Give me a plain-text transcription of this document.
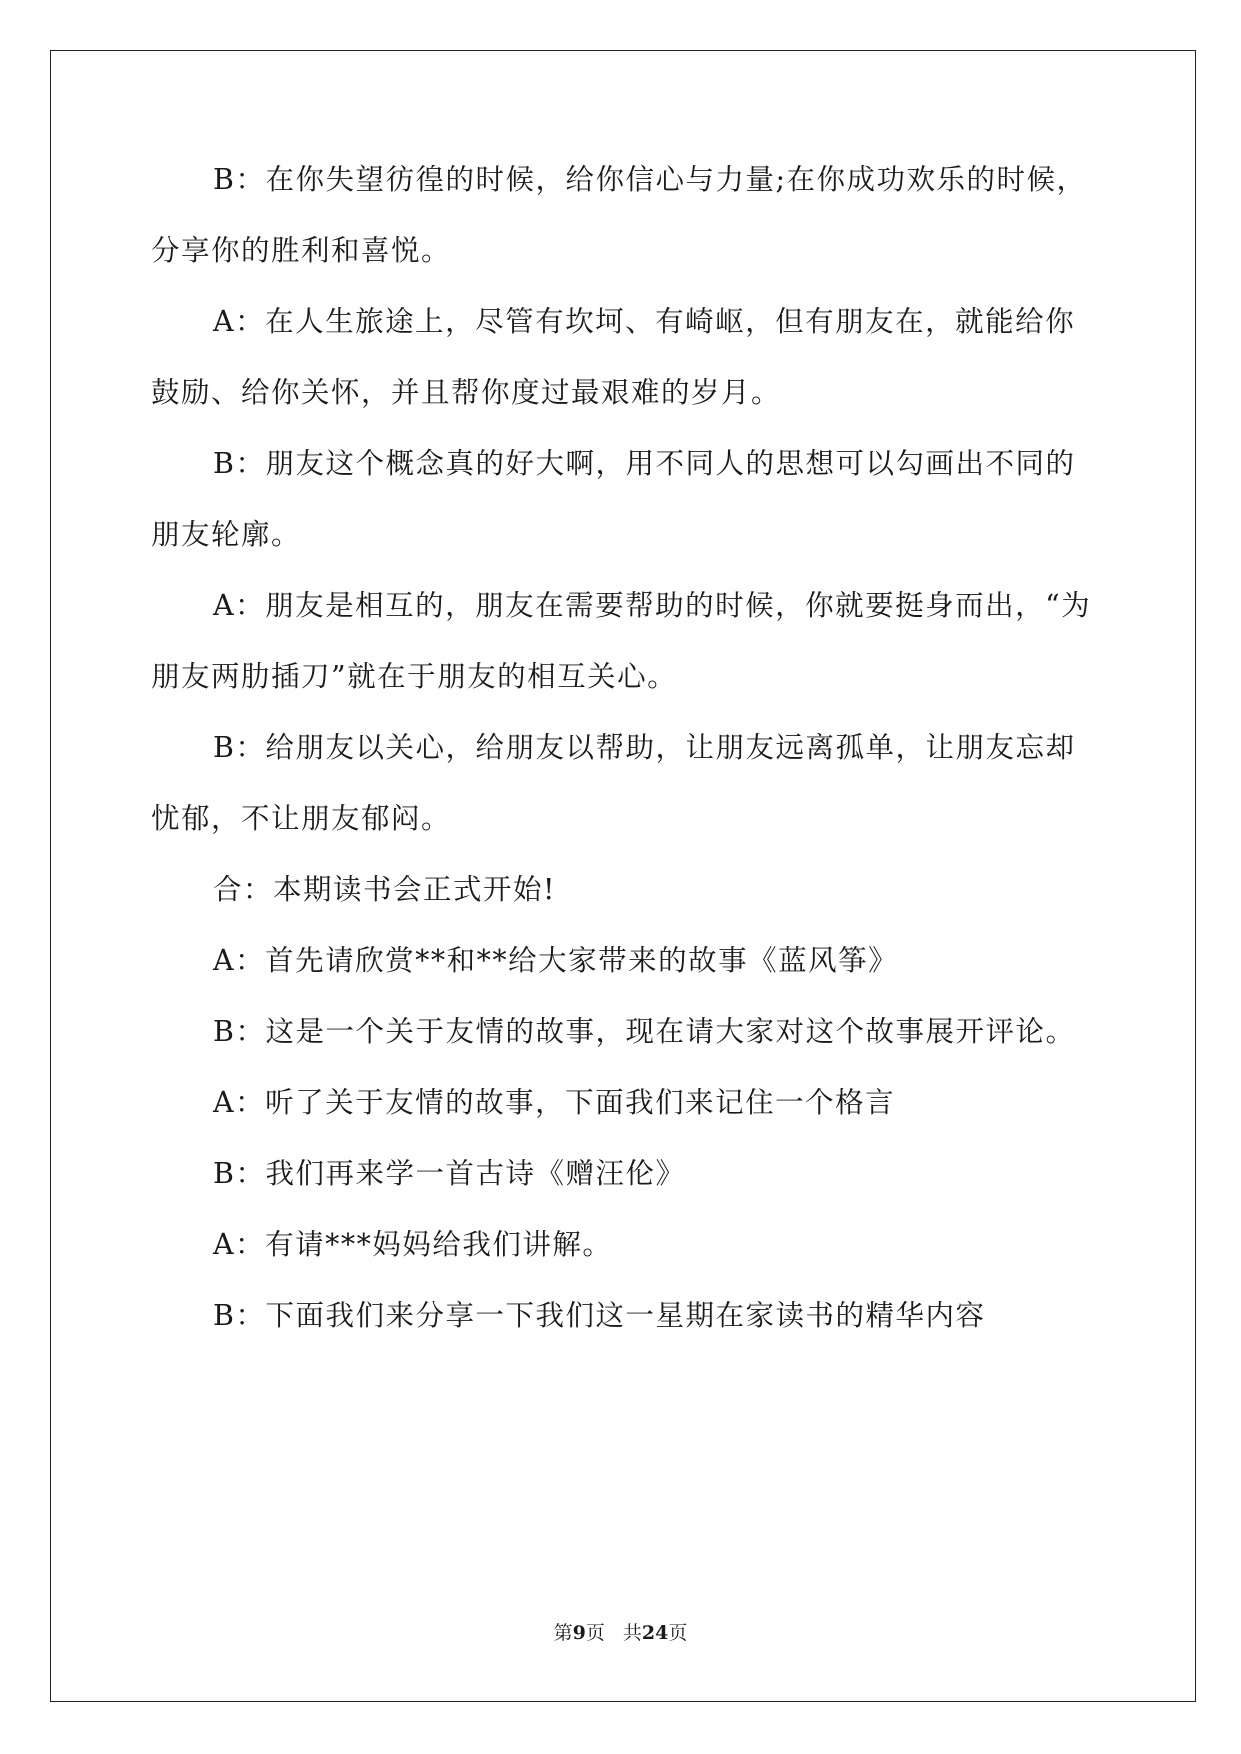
B：在你失望彷徨的时候，给你信心与力量;在你成功欢乐的时候，
分享你的胜利和喜悦。
A：在人生旅途上，尽管有坎坷、有崎岖，但有朋友在，就能给你
鼓励、给你关怀，并且帮你度过最艰难的岁月。
B：朋友这个概念真的好大啊，用不同人的思想可以勾画出不同的
朋友轮廓。
A：朋友是相互的，朋友在需要帮助的时候，你就要挺身而出，“为
朋友两肋插刀”就在于朋友的相互关心。
B：给朋友以关心，给朋友以帮助，让朋友远离孤单，让朋友忘却
忧郁，不让朋友郁闷。
合：本期读书会正式开始!
A：首先请欣赏**和**给大家带来的故事《蓝风筝》
B：这是一个关于友情的故事，现在请大家对这个故事展开评论。
A：听了关于友情的故事，下面我们来记住一个格言
B：我们再来学一首古诗《赠汪伦》
A：有请***妈妈给我们讲解。
B：下面我们来分享一下我们这一星期在家读书的精华内容
第9页 共24页
